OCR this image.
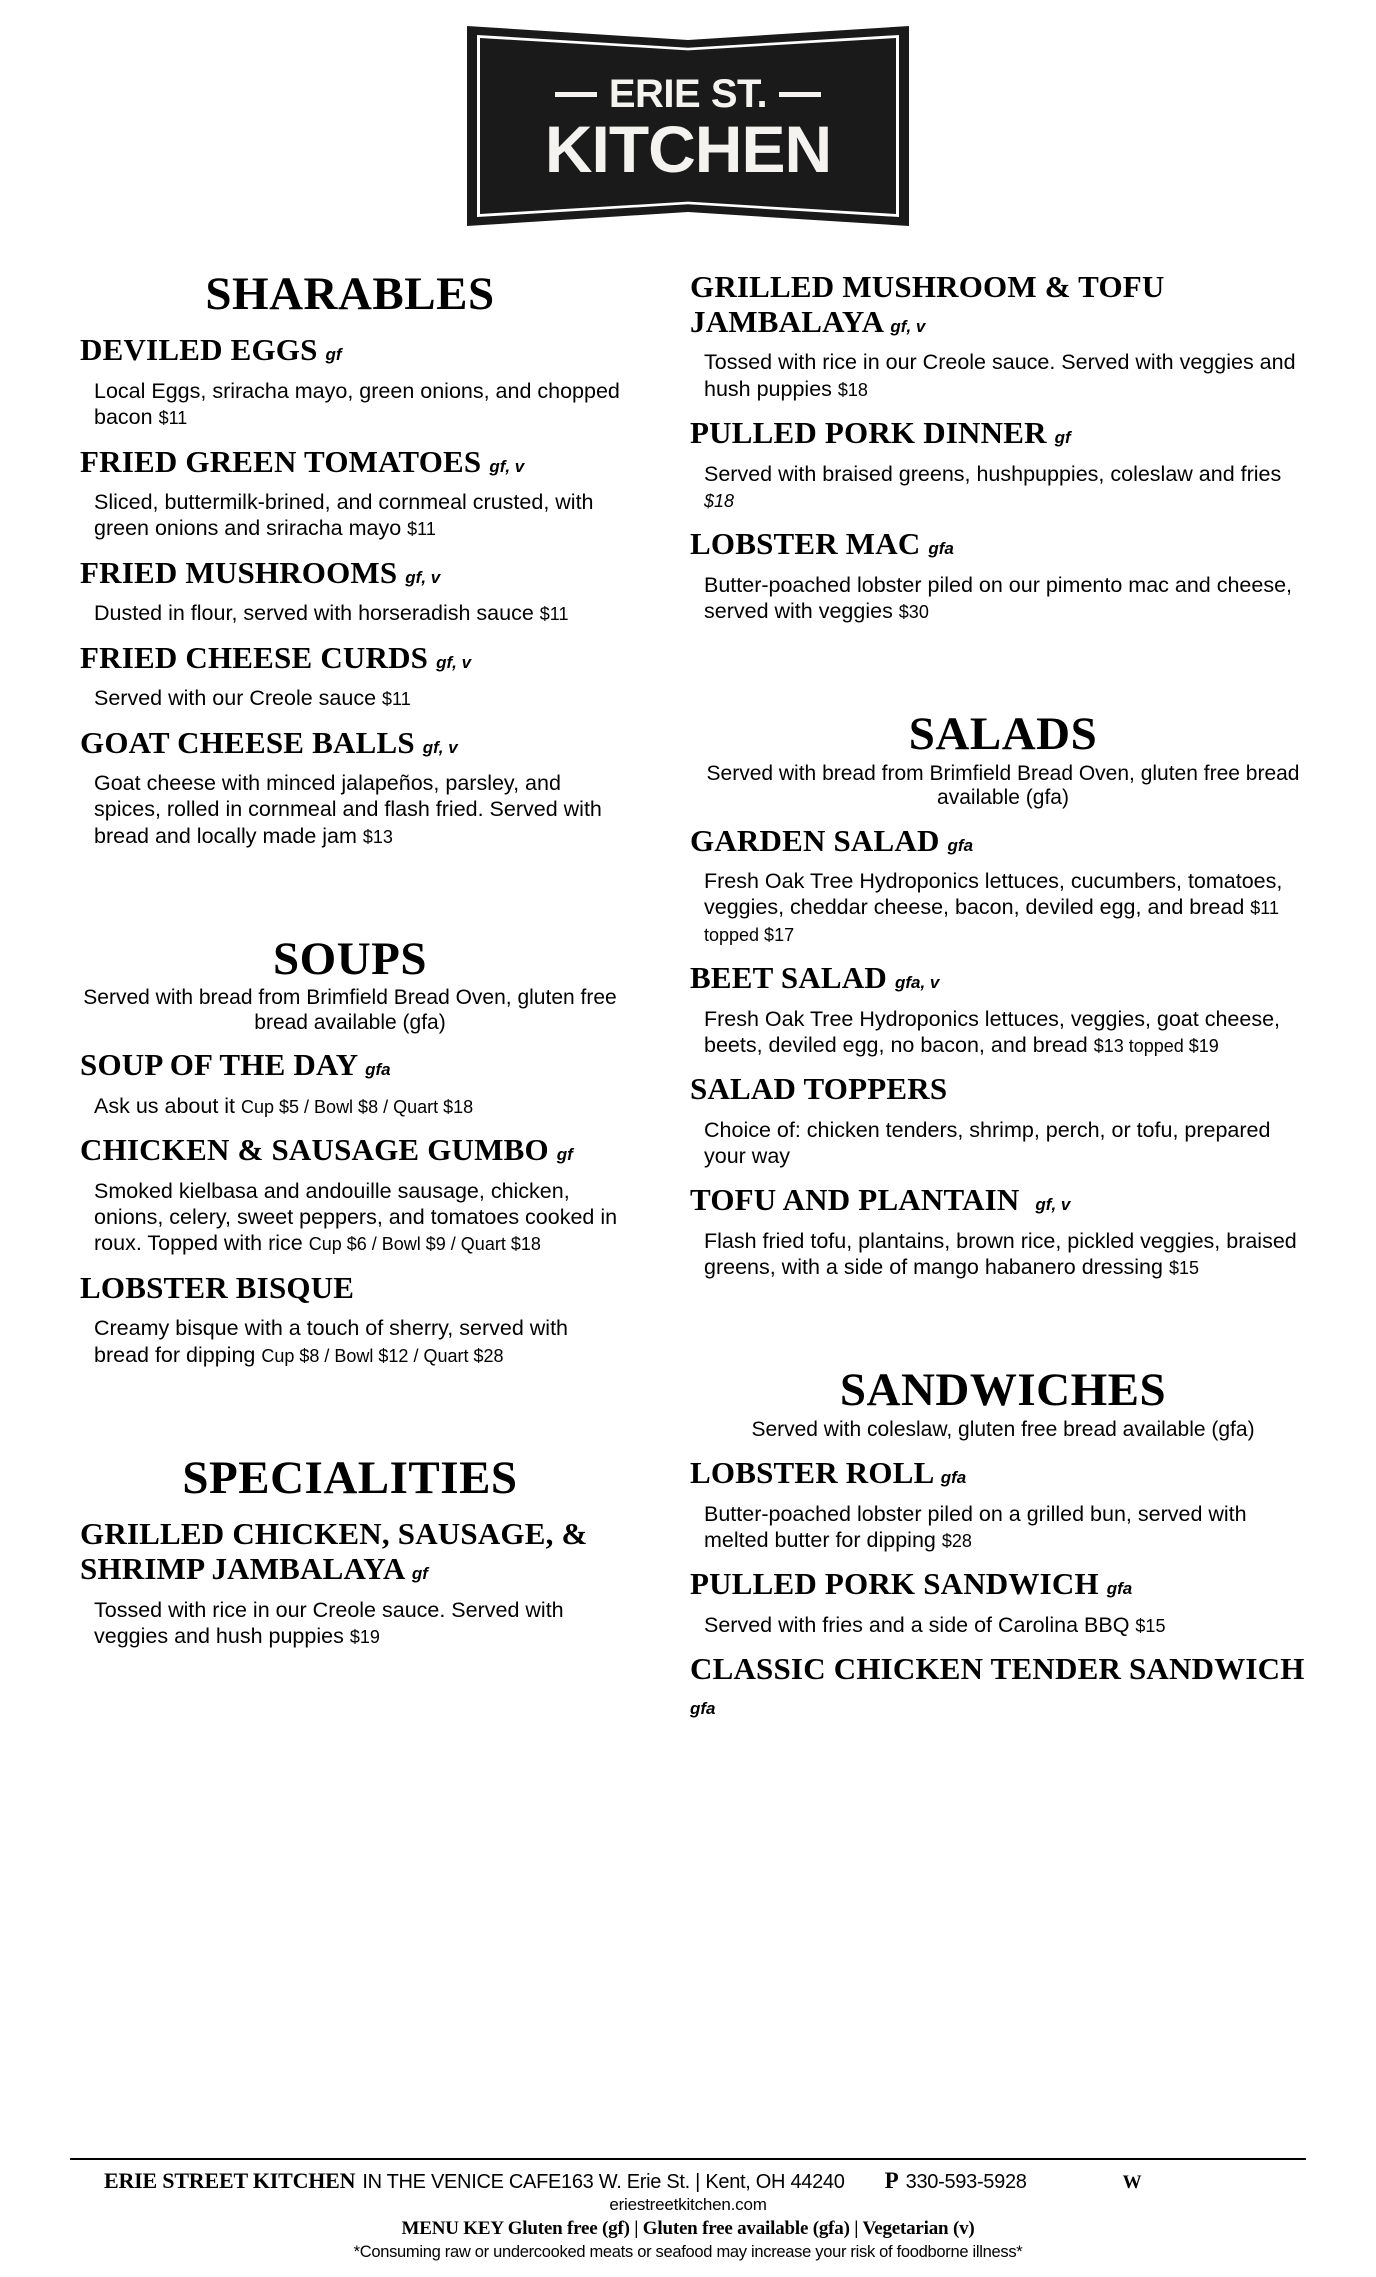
ERIE ST.
KITCHEN
SHARABLES
DEVILED EGGS gf
Local Eggs, sriracha mayo, green onions, and chopped bacon $11
FRIED GREEN TOMATOES gf, v
Sliced, buttermilk-brined, and cornmeal crusted, with green onions and sriracha mayo $11
FRIED MUSHROOMS gf, v
Dusted in flour, served with horseradish sauce $11
FRIED CHEESE CURDS gf, v
Served with our Creole sauce $11
GOAT CHEESE BALLS gf, v
Goat cheese with minced jalapeños, parsley, and spices, rolled in cornmeal and flash fried. Served with bread and locally made jam $13
SOUPS
Served with bread from Brimfield Bread Oven, gluten free bread available (gfa)
SOUP OF THE DAY gfa
Ask us about it Cup $5 / Bowl $8 / Quart $18
CHICKEN & SAUSAGE GUMBO gf
Smoked kielbasa and andouille sausage, chicken, onions, celery, sweet peppers, and tomatoes cooked in roux. Topped with rice Cup $6 / Bowl $9 / Quart $18
LOBSTER BISQUE
Creamy bisque with a touch of sherry, served with bread for dipping Cup $8 / Bowl $12 / Quart $28
SPECIALITIES
GRILLED CHICKEN, SAUSAGE, & SHRIMP JAMBALAYA gf
Tossed with rice in our Creole sauce. Served with veggies and hush puppies $19
GRILLED MUSHROOM & TOFU JAMBALAYA gf, v
Tossed with rice in our Creole sauce. Served with veggies and hush puppies $18
PULLED PORK DINNER gf
Served with braised greens, hushpuppies, coleslaw and fries $18
LOBSTER MAC gfa
Butter-poached lobster piled on our pimento mac and cheese, served with veggies $30
SALADS
Served with bread from Brimfield Bread Oven, gluten free bread available (gfa)
GARDEN SALAD gfa
Fresh Oak Tree Hydroponics lettuces, cucumbers, tomatoes, veggies, cheddar cheese, bacon, deviled egg, and bread $11 topped $17
BEET SALAD gfa, v
Fresh Oak Tree Hydroponics lettuces, veggies, goat cheese, beets, deviled egg, no bacon, and bread $13 topped $19
SALAD TOPPERS
Choice of: chicken tenders, shrimp, perch, or tofu, prepared your way
TOFU AND PLANTAIN gf, v
Flash fried tofu, plantains, brown rice, pickled veggies, braised greens, with a side of mango habanero dressing $15
SANDWICHES
Served with coleslaw, gluten free bread available (gfa)
LOBSTER ROLL gfa
Butter-poached lobster piled on a grilled bun, served with melted butter for dipping $28
PULLED PORK SANDWICH gfa
Served with fries and a side of Carolina BBQ $15
CLASSIC CHICKEN TENDER SANDWICH gfa
ERIE STREET KITCHEN IN THE VENICE CAFE163 W. Erie St. | Kent, OH 44240 P 330-593-5928	W
eriestreetkitchen.com
MENU KEY Gluten free (gf) | Gluten free available (gfa) | Vegetarian (v)
*Consuming raw or undercooked meats or seafood may increase your risk of foodborne illness*
